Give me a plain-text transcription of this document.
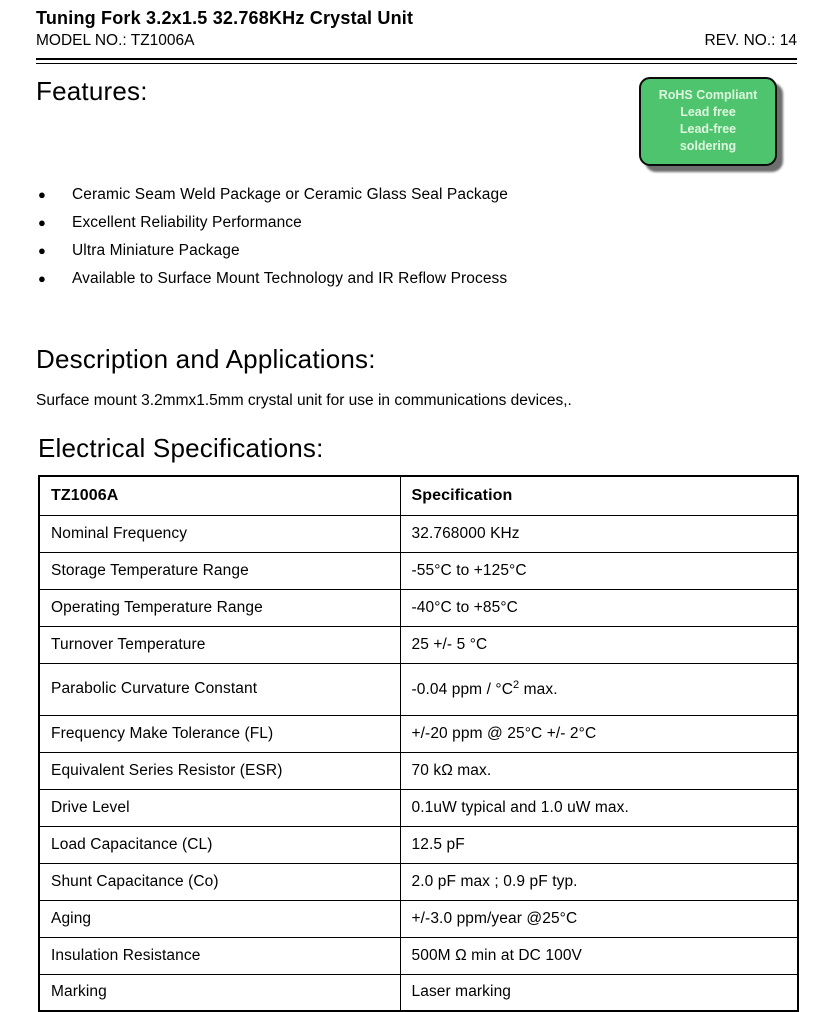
Tuning Fork 3.2x1.5 32.768KHz Crystal Unit
MODEL NO.: TZ1006A	REV. NO.: 14
Features:	RoHS Compliant
Lead free
Lead-free soldering
● Ceramic Seam Weld Package or Ceramic Glass Seal Package
● Excellent Reliability Performance
● Ultra Miniature Package
● Available to Surface Mount Technology and IR Reflow Process
Description and Applications:

Surface mount 3.2mmx1.5mm crystal unit for use in communications devices,.

Electrical Specifications:
TZ1006A	Specification
Nominal Frequency	32.768000 KHz
Storage Temperature Range	-55°C to +125°C
Operating Temperature Range	-40°C to +85°C
Turnover Temperature	25 +/- 5 °C
Parabolic Curvature Constant	-0.04 ppm / $^\circ C^2$ max.
Frequency Make Tolerance (FL)	+/-20 ppm @ 25°C +/- 2°C
Equivalent Series Resistor (ESR)	70 kΩ max.
Drive Level	0.1uW typical and 1.0 uW max.
Load Capacitance (CL)	12.5 pF
Shunt Capacitance (Co)	2.0 pF max ; 0.9 pF typ.
Aging	+/-3.0 ppm/year @25°C
Insulation Resistance	500M Ω min at DC 100V
Marking	Laser marking
